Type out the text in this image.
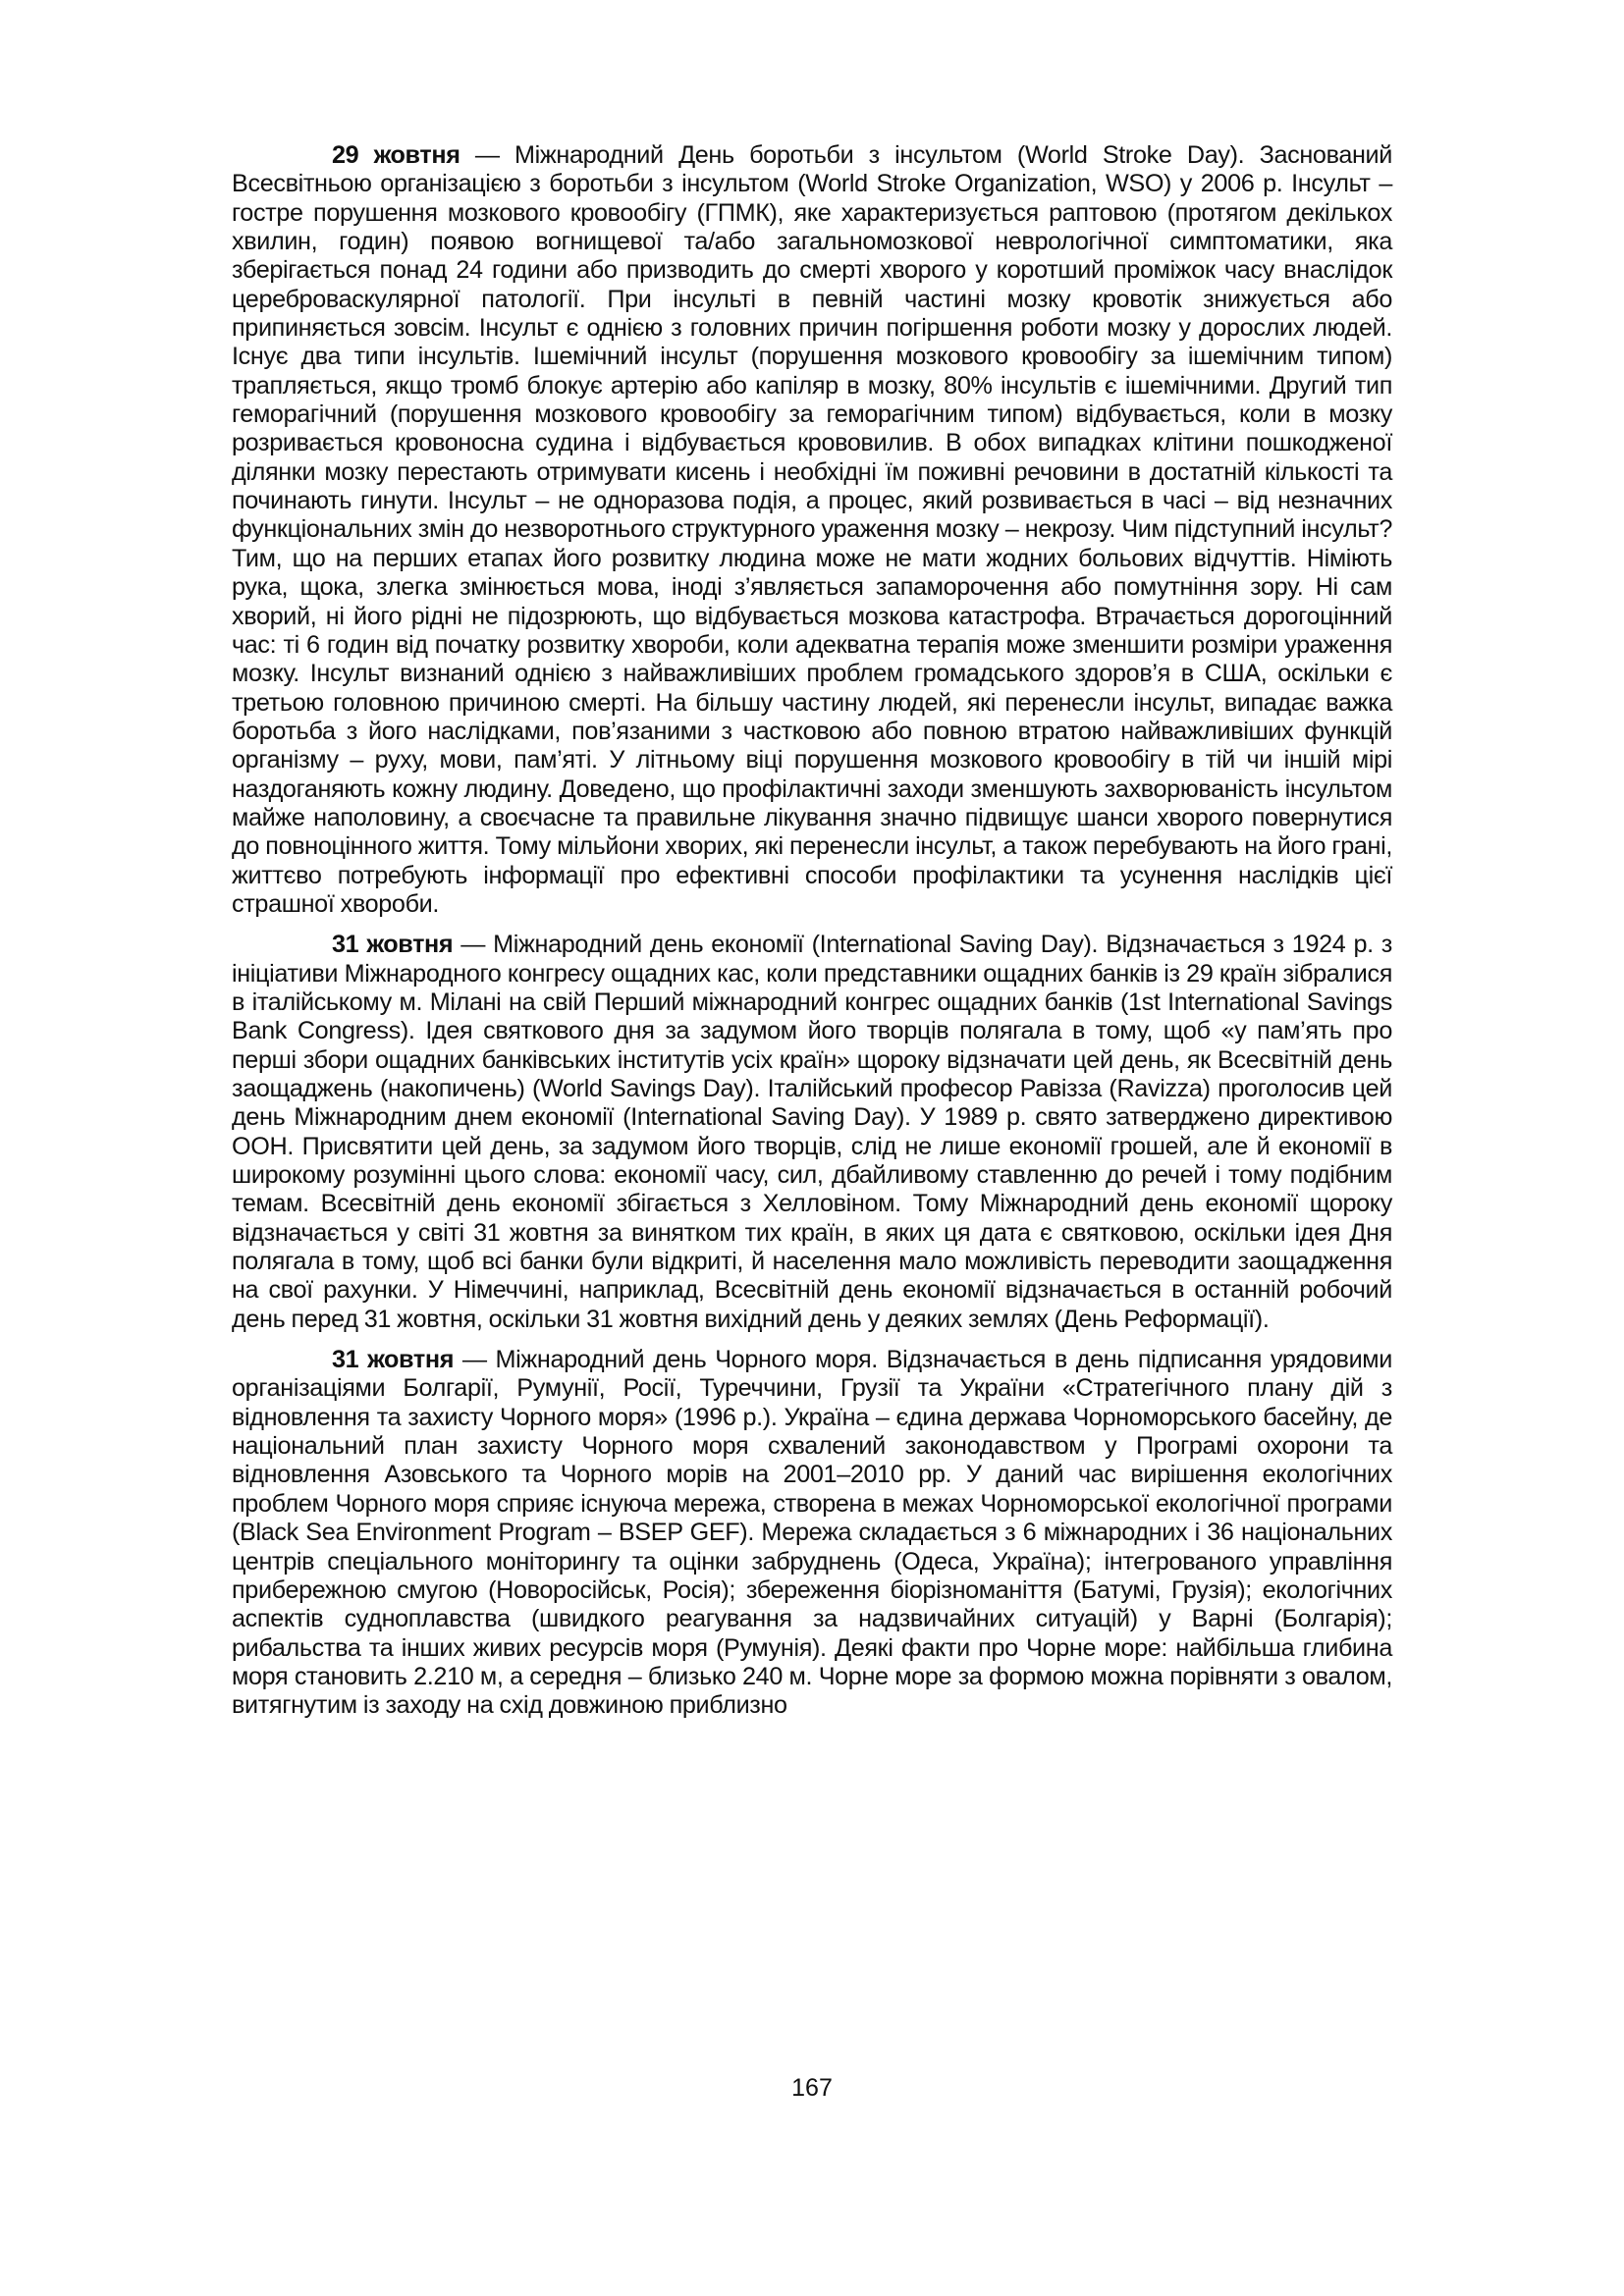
29 жовтня — Міжнародний День боротьби з інсультом (World Stroke Day). Заснований Всесвітньою організацією з боротьби з інсультом (World Stroke Organization, WSO) у 2006 р. Інсульт – гостре порушення мозкового кровообігу (ГПМК), яке характеризується раптовою (протягом декількох хвилин, годин) появою вогнищевої та/або загальномозкової неврологічної симптоматики, яка зберігається понад 24 години або призводить до смерті хворого у коротший проміжок часу внаслідок цереброваскулярної патології. При інсульті в певній частині мозку кровотік знижується або припиняється зовсім. Інсульт є однією з головних причин погіршення роботи мозку у дорослих людей. Існує два типи інсультів. Ішемічний інсульт (порушення мозкового кровообігу за ішемічним типом) трапляється, якщо тромб блокує артерію або капіляр в мозку, 80% інсультів є ішемічними. Другий тип геморагічний (порушення мозкового кровообігу за геморагічним типом) відбувається, коли в мозку розривається кровоносна судина і відбувається крововилив. В обох випадках клітини пошкодженої ділянки мозку перестають отримувати кисень і необхідні їм поживні речовини в достатній кількості та починають гинути. Інсульт – не одноразова подія, а процес, який розвивається в часі – від незначних функціональних змін до незворотнього структурного ураження мозку – некрозу. Чим підступний інсульт? Тим, що на перших етапах його розвитку людина може не мати жодних больових відчуттів. Німіють рука, щока, злегка змінюється мова, іноді з’являється запаморочення або помутніння зору. Ні сам хворий, ні його рідні не підозрюють, що відбувається мозкова катастрофа. Втрачається дорогоцінний час: ті 6 годин від початку розвитку хвороби, коли адекватна терапія може зменшити розміри ураження мозку. Інсульт визнаний однією з найважливіших проблем громадського здоров’я в США, оскільки є третьою головною причиною смерті. На більшу частину людей, які перенесли інсульт, випадає важка боротьба з його наслідками, пов’язаними з частковою або повною втратою найважливіших функцій організму – руху, мови, пам’яті. У літньому віці порушення мозкового кровообігу в тій чи іншій мірі наздоганяють кожну людину. Доведено, що профілактичні заходи зменшують захворюваність інсультом майже наполовину, а своєчасне та правильне лікування значно підвищує шанси хворого повернутися до повноцінного життя. Тому мільйони хворих, які перенесли інсульт, а також перебувають на його грані, життєво потребують інформації про ефективні способи профілактики та усунення наслідків цієї страшної хвороби.

31 жовтня — Міжнародний день економії (International Saving Day). Відзначається з 1924 р. з ініціативи Міжнародного конгресу ощадних кас, коли представники ощадних банків із 29 країн зібралися в італійському м. Мілані на свій Перший міжнародний конгрес ощадних банків (1st International Savings Bank Congress). Ідея святкового дня за задумом його творців полягала в тому, щоб «у пам’ять про перші збори ощадних банківських інститутів усіх країн» щороку відзначати цей день, як Всесвітній день заощаджень (накопичень) (World Savings Day). Італійський професор Равізза (Ravizza) проголосив цей день Міжнародним днем економії (International Saving Day). У 1989 р. свято затверджено директивою ООН. Присвятити цей день, за задумом його творців, слід не лише економії грошей, але й економії в широкому розумінні цього слова: економії часу, сил, дбайливому ставленню до речей і тому подібним темам. Всесвітній день економії збігається з Хелловіном. Тому Міжнародний день економії щороку відзначається у світі 31 жовтня за винятком тих країн, в яких ця дата є святковою, оскільки ідея Дня полягала в тому, щоб всі банки були відкриті, й населення мало можливість переводити заощадження на свої рахунки. У Німеччині, наприклад, Всесвітній день економії відзначається в останній робочий день перед 31 жовтня, оскільки 31 жовтня вихідний день у деяких землях (День Реформації).

31 жовтня — Міжнародний день Чорного моря. Відзначається в день підписання урядовими організаціями Болгарії, Румунії, Росії, Туреччини, Грузії та України «Стратегічного плану дій з відновлення та захисту Чорного моря» (1996 р.). Україна – єдина держава Чорноморського басейну, де національний план захисту Чорного моря схвалений законодавством у Програмі охорони та відновлення Азовського та Чорного морів на 2001–2010 рр. У даний час вирішення екологічних проблем Чорного моря сприяє існуюча мережа, створена в межах Чорноморської екологічної програми (Black Sea Environment Program – BSEP GEF). Мережа складається з 6 міжнародних і 36 національних центрів спеціального моніторингу та оцінки забруднень (Одеса, Україна); інтегрованого управління прибережною смугою (Новоросійськ, Росія); збереження біорізноманіття (Батумі, Грузія); екологічних аспектів судноплавства (швидкого реагування за надзвичайних ситуацій) у Варні (Болгарія); рибальства та інших живих ресурсів моря (Румунія). Деякі факти про Чорне море: найбільша глибина моря становить 2.210 м, а середня – близько 240 м. Чорне море за формою можна порівняти з овалом, витягнутим із заходу на схід довжиною приблизно

167
